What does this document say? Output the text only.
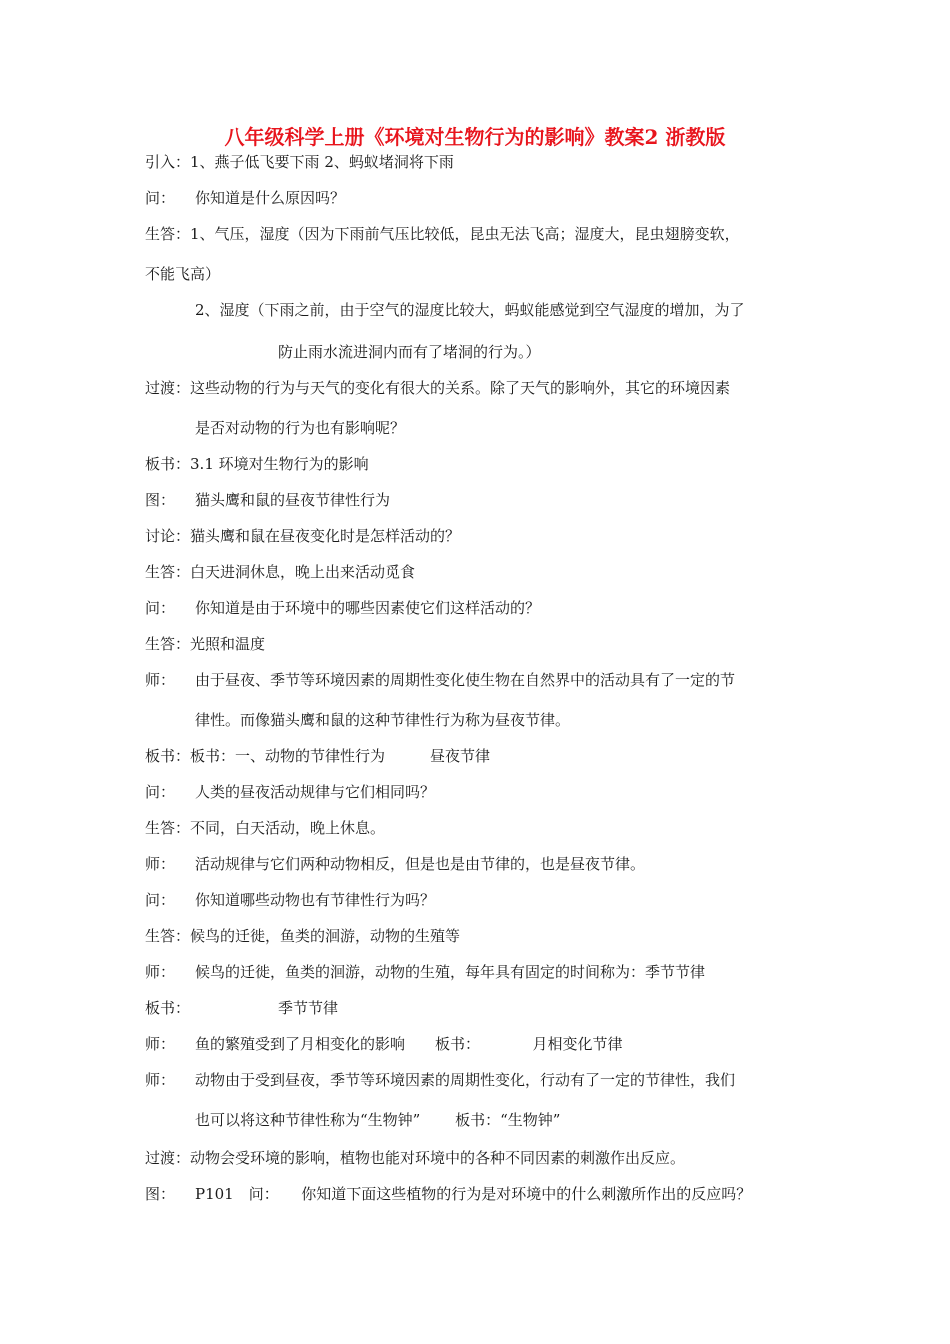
八年级科学上册《环境对生物行为的影响》教案2 浙教版
引入：1、燕子低飞要下雨 2、蚂蚁堵洞将下雨
问： 你知道是什么原因吗？
生答：1、气压，湿度（因为下雨前气压比较低，昆虫无法飞高；湿度大，昆虫翅膀变软，
不能飞高）
2、湿度（下雨之前，由于空气的湿度比较大，蚂蚁能感觉到空气湿度的增加，为了
防止雨水流进洞内而有了堵洞的行为。）
过渡：这些动物的行为与天气的变化有很大的关系。除了天气的影响外，其它的环境因素
是否对动物的行为也有影响呢？
板书：3.1 环境对生物行为的影响
图： 猫头鹰和鼠的昼夜节律性行为
讨论：猫头鹰和鼠在昼夜变化时是怎样活动的？
生答：白天进洞休息，晚上出来活动觅食
问： 你知道是由于环境中的哪些因素使它们这样活动的？
生答：光照和温度
师： 由于昼夜、季节等环境因素的周期性变化使生物在自然界中的活动具有了一定的节
律性。而像猫头鹰和鼠的这种节律性行为称为昼夜节律。
板书：板书：一、动物的节律性行为　　　昼夜节律
问： 人类的昼夜活动规律与它们相同吗？
生答：不同，白天活动，晚上休息。
师： 活动规律与它们两种动物相反，但是也是由节律的，也是昼夜节律。
问： 你知道哪些动物也有节律性行为吗？
生答：候鸟的迁徙，鱼类的洄游，动物的生殖等
师： 候鸟的迁徙，鱼类的洄游，动物的生殖，每年具有固定的时间称为：季节节律
板书：	季节节律
师： 鱼的繁殖受到了月相变化的影响　　板书：　　　　月相变化节律
师： 动物由于受到昼夜，季节等环境因素的周期性变化，行动有了一定的节律性，我们
也可以将这种节律性称为“生物钟”　　 板书：“生物钟”
过渡：动物会受环境的影响，植物也能对环境中的各种不同因素的刺激作出反应。
图： P101　问：　　你知道下面这些植物的行为是对环境中的什么刺激所作出的反应吗？
